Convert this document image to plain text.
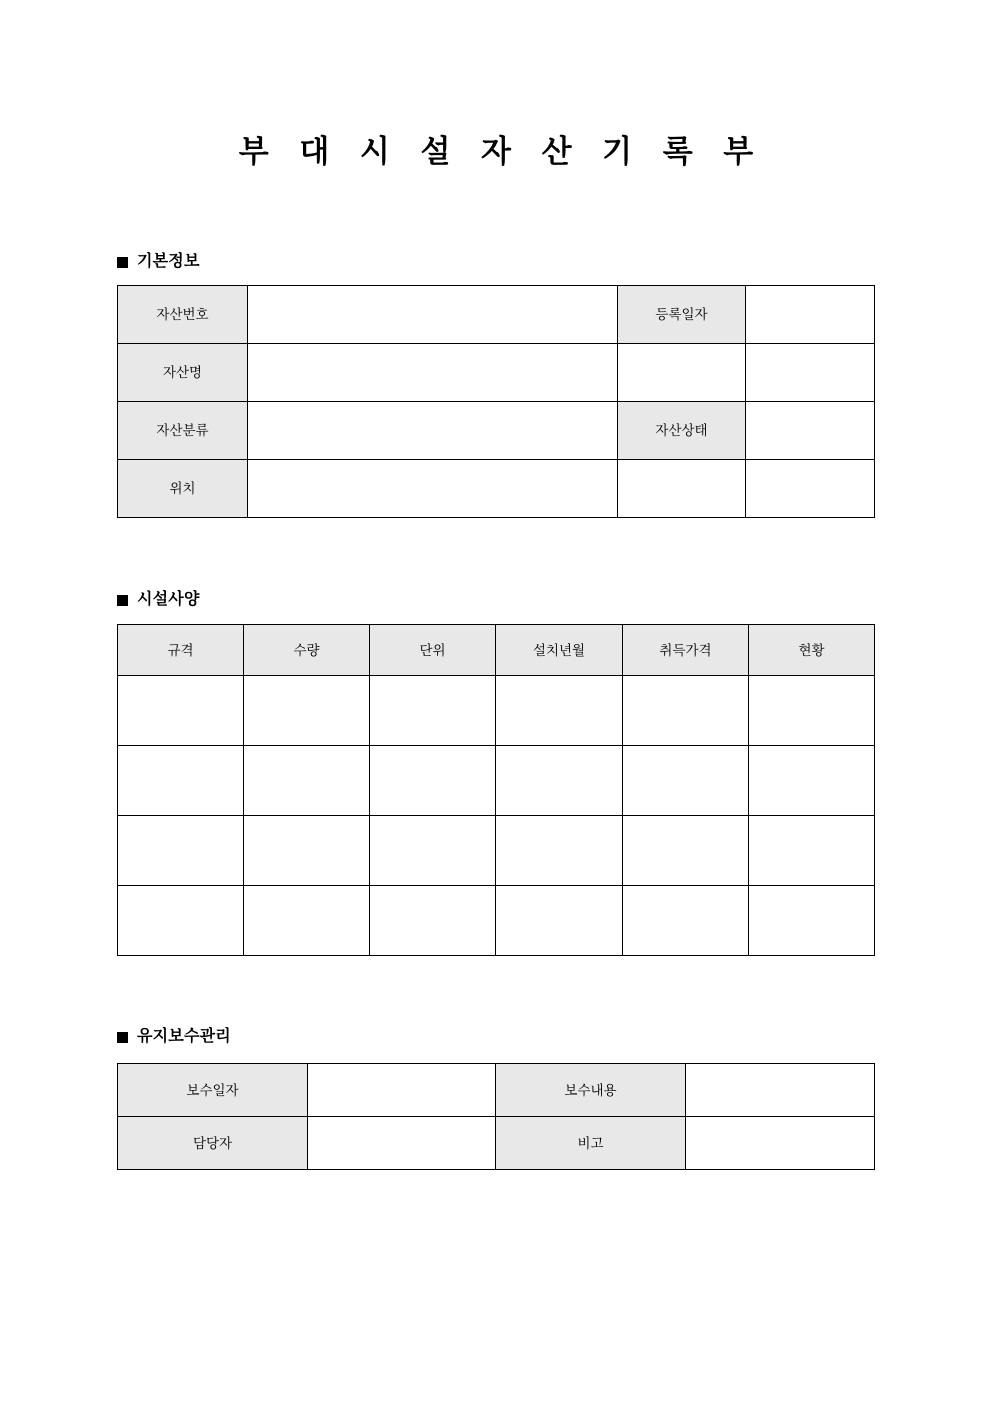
부 대 시 설 자 산 기 록 부
기본정보
자산번호		등록일자	
자산명			
자산분류		자산상태	
위치			
시설사양
규격	수량	단위	설치년월	취득가격	현황

유지보수관리
보수일자		보수내용	
담당자		비고	
